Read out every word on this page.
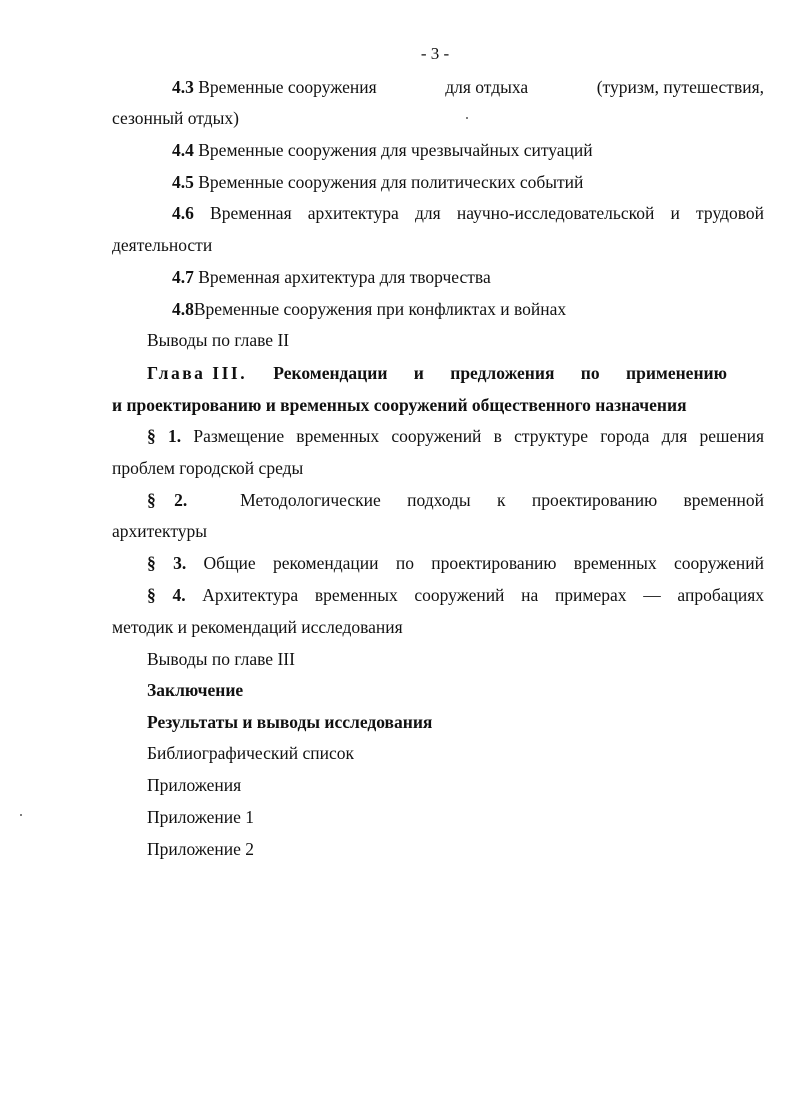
- 3 -
4.3 Временные сооружения	для отдыха	(туризм, путешествия,
сезонный отдых)
4.4 Временные сооружения для чрезвычайных ситуаций
4.5 Временные сооружения для политических событий
4.6 Временная архитектура для научно-исследовательской и трудовой
деятельности
4.7 Временная архитектура для творчества
4.8Временные сооружения при конфликтах и войнах
Выводы по главе II
Глава III. Рекомендации и предложения по применению
и проектированию и временных сооружений общественного назначения
§ 1. Размещение временных сооружений в структуре города для решения
проблем городской среды
§ 2.	Методологические подходы к проектированию временной
архитектуры
§ 3. Общие рекомендации по проектированию временных сооружений
§ 4. Архитектура временных сооружений на примерах — апробациях
методик и рекомендаций исследования
Выводы по главе III
Заключение
Результаты и выводы исследования
Библиографический список
Приложения
Приложение 1
Приложение 2
